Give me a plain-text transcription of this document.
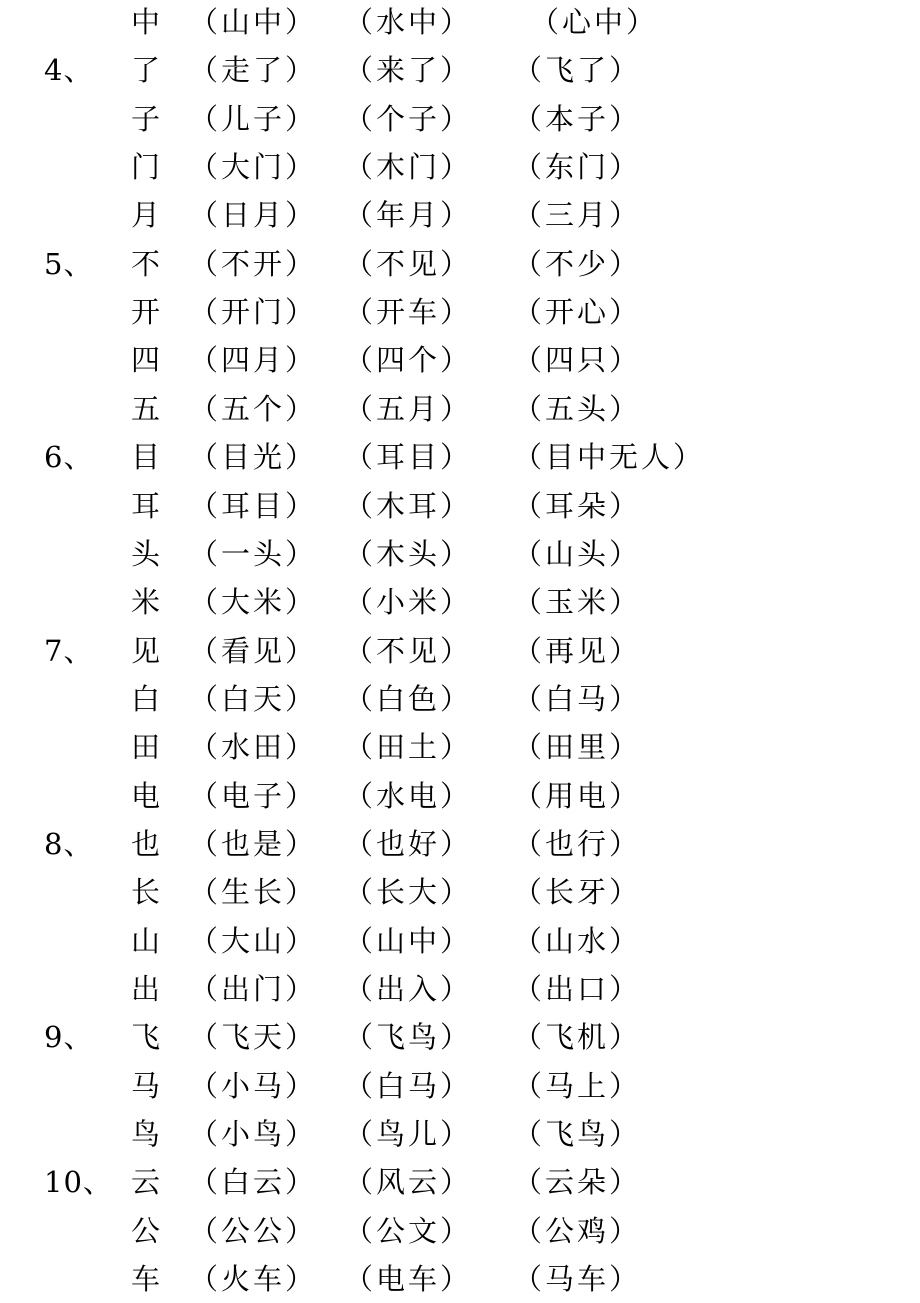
中 （山中） （水中） （心中）
4、 了 （走了） （来了） （飞了）
子 （儿子） （个子） （本子）
门 （大门） （木门） （东门）
月 （日月） （年月） （三月）
5、 不 （不开） （不见） （不少）
开 （开门） （开车） （开心）
四 （四月） （四个） （四只）
五 （五个） （五月） （五头）
6、 目 （目光） （耳目） （目中无人）
耳 （耳目） （木耳） （耳朵）
头 （一头） （木头） （山头）
米 （大米） （小米） （玉米）
7、 见 （看见） （不见） （再见）
白 （白天） （白色） （白马）
田 （水田） （田土） （田里）
电 （电子） （水电） （用电）
8、 也 （也是） （也好） （也行）
长 （生长） （长大） （长牙）
山 （大山） （山中） （山水）
出 （出门） （出入） （出口）
9、 飞 （飞天） （飞鸟） （飞机）
马 （小马） （白马） （马上）
鸟 （小鸟） （鸟儿） （飞鸟）
10、 云 （白云） （风云） （云朵）
公 （公公） （公文） （公鸡）
车 （火车） （电车） （马车）
